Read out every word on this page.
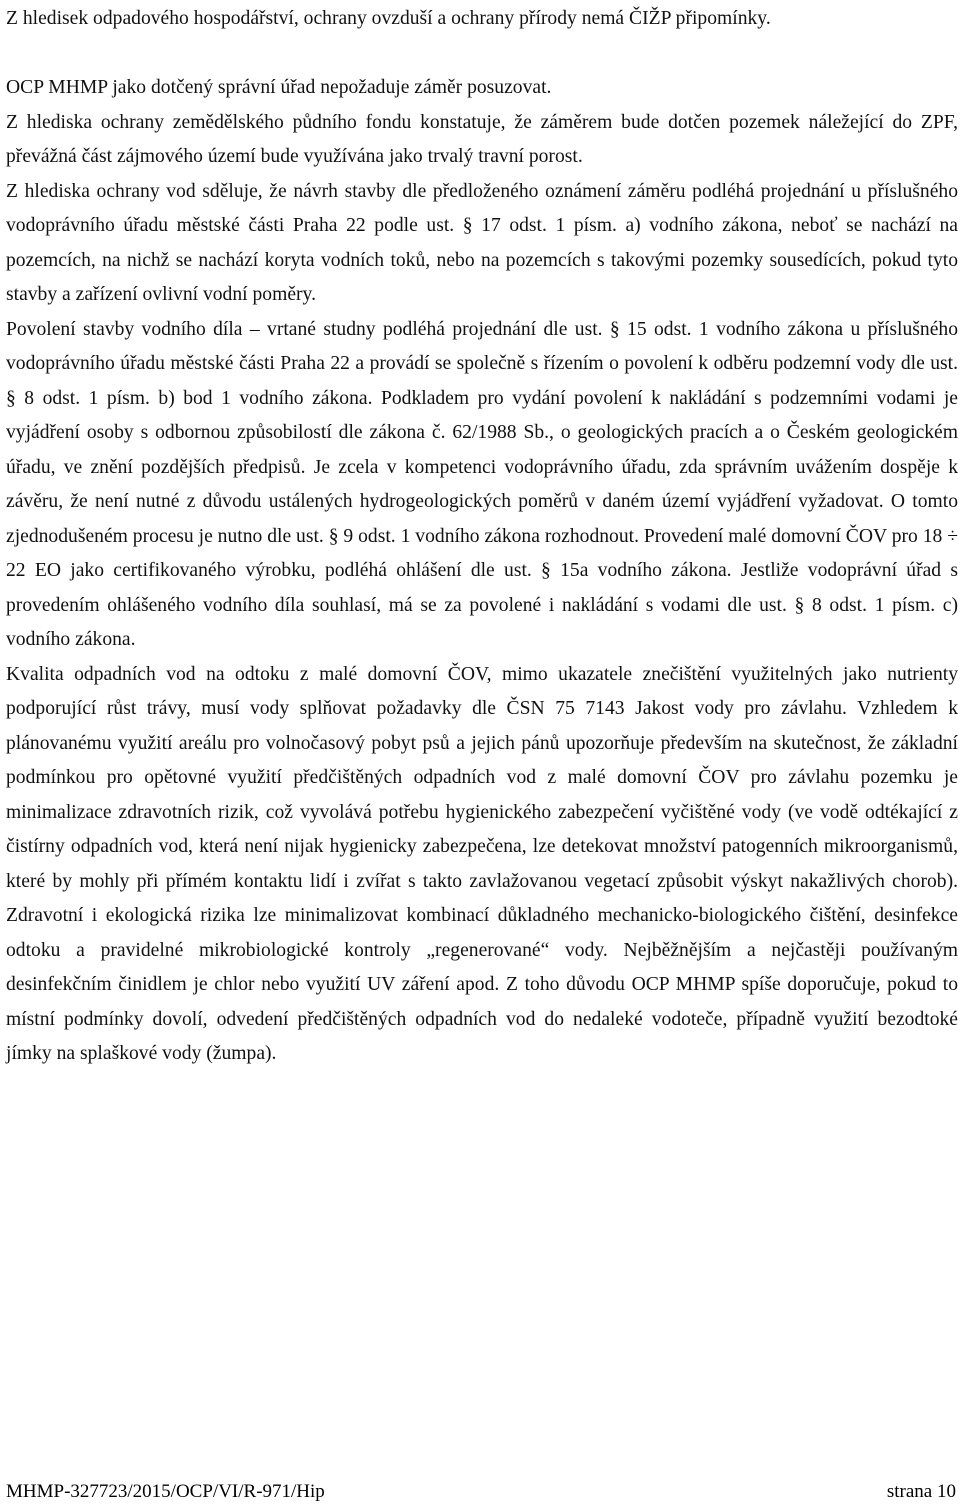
Z hledisek odpadového hospodářství, ochrany ovzduší a ochrany přírody nemá ČIŽP připomínky.

OCP MHMP jako dotčený správní úřad nepožaduje záměr posuzovat.

Z hlediska ochrany zemědělského půdního fondu konstatuje, že záměrem bude dotčen pozemek náležející do ZPF, převážná část zájmového území bude využívána jako trvalý travní porost.

Z hlediska ochrany vod sděluje, že návrh stavby dle předloženého oznámení záměru podléhá projednání u příslušného vodoprávního úřadu městské části Praha 22 podle ust. § 17 odst. 1 písm. a) vodního zákona, neboť se nachází na pozemcích, na nichž se nachází koryta vodních toků, nebo na pozemcích s takovými pozemky sousedících, pokud tyto stavby a zařízení ovlivní vodní poměry.

Povolení stavby vodního díla – vrtané studny podléhá projednání dle ust. § 15 odst. 1 vodního zákona u příslušného vodoprávního úřadu městské části Praha 22 a provádí se společně s řízením o povolení k odběru podzemní vody dle ust. § 8 odst. 1 písm. b) bod 1 vodního zákona. Podkladem pro vydání povolení k nakládání s podzemními vodami je vyjádření osoby s odbornou způsobilostí dle zákona č. 62/1988 Sb., o geologických pracích a o Českém geologickém úřadu, ve znění pozdějších předpisů. Je zcela v kompetenci vodoprávního úřadu, zda správním uvážením dospěje k závěru, že není nutné z důvodu ustálených hydrogeologických poměrů v daném území vyjádření vyžadovat. O tomto zjednodušeném procesu je nutno dle ust. § 9 odst. 1 vodního zákona rozhodnout. Provedení malé domovní ČOV pro 18 ÷ 22 EO jako certifikovaného výrobku, podléhá ohlášení dle ust. § 15a vodního zákona. Jestliže vodoprávní úřad s provedením ohlášeného vodního díla souhlasí, má se za povolené i nakládání s vodami dle ust. § 8 odst. 1 písm. c) vodního zákona.

Kvalita odpadních vod na odtoku z malé domovní ČOV, mimo ukazatele znečištění využitelných jako nutrienty podporující růst trávy, musí vody splňovat požadavky dle ČSN 75 7143 Jakost vody pro závlahu. Vzhledem k plánovanému využití areálu pro volnočasový pobyt psů a jejich pánů upozorňuje především na skutečnost, že základní podmínkou pro opětovné využití předčištěných odpadních vod z malé domovní ČOV pro závlahu pozemku je minimalizace zdravotních rizik, což vyvolává potřebu hygienického zabezpečení vyčištěné vody (ve vodě odtékající z čistírny odpadních vod, která není nijak hygienicky zabezpečena, lze detekovat množství patogenních mikroorganismů, které by mohly při přímém kontaktu lidí i zvířat s takto zavlažovanou vegetací způsobit výskyt nakažlivých chorob). Zdravotní i ekologická rizika lze minimalizovat kombinací důkladného mechanicko-biologického čištění, desinfekce odtoku a pravidelné mikrobiologické kontroly „regenerované“ vody. Nejběžnějším a nejčastěji používaným desinfekčním činidlem je chlor nebo využití UV záření apod. Z toho důvodu OCP MHMP spíše doporučuje, pokud to místní podmínky dovolí, odvedení předčištěných odpadních vod do nedaleké vodoteče, případně využití bezodtoké jímky na splaškové vody (žumpa).

MHMP-327723/2015/OCP/VI/R-971/Hip	strana 10
